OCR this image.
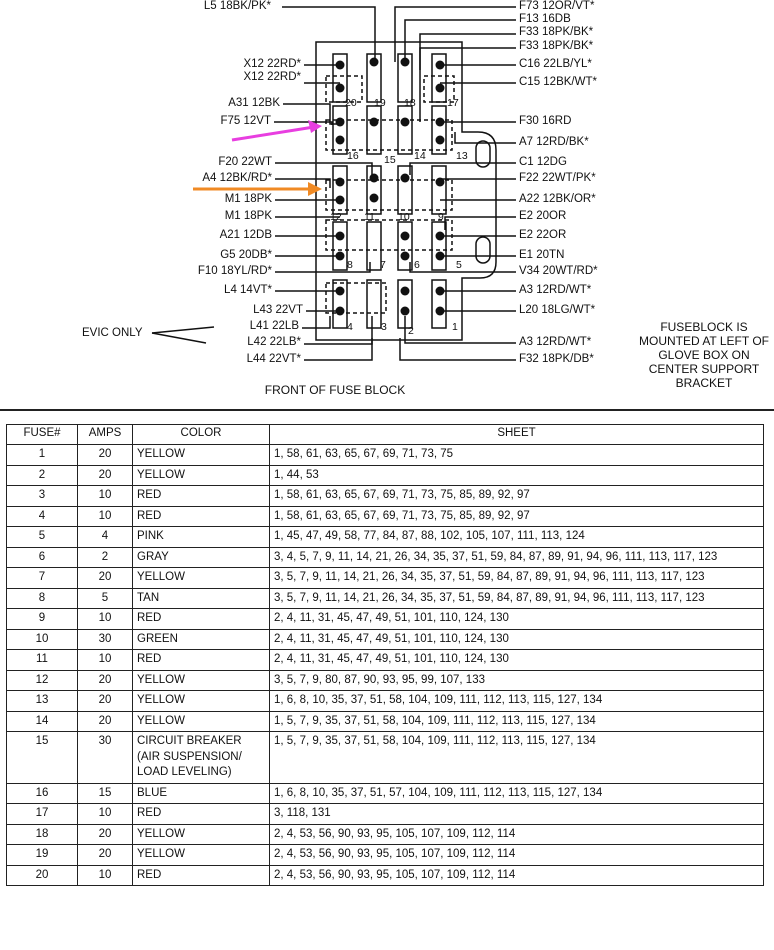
L5 18BK/PK*
X12 22RD*
X12 22RD*
A31 12BK
F75 12VT
F20 22WT
A4 12BK/RD*
M1 18PK
M1 18PK
A21 12DB
G5 20DB*
F10 18YL/RD*
L4 14VT*
L43 22VT
L41 22LB
L42 22LB*
L44 22VT*
F73 12OR/VT*
F13 16DB
F33 18PK/BK*
F33 18PK/BK*
C16 22LB/YL*
C15 12BK/WT*
F30 16RD
A7 12RD/BK*
C1 12DG
F22 22WT/PK*
A22 12BK/OR*
E2 20OR
E2 22OR
E1 20TN
V34 20WT/RD*
A3 12RD/WT*
L20 18LG/WT*
A3 12RD/WT*
F32 18PK/DB*
20 19 18	17
16 15 14	13
12 11 10	9
8	7	6	5
4	3 2	1
EVIC ONLY	FUSEBLOCK IS MOUNTED AT LEFT OF GLOVE BOX ON CENTER SUPPORT BRACKET
FRONT OF FUSE BLOCK
FUSE#	AMPS	COLOR	SHEET
1	20	YELLOW	1, 58, 61, 63, 65, 67, 69, 71, 73, 75
2	20	YELLOW	1, 44, 53
3	10	RED	1, 58, 61, 63, 65, 67, 69, 71, 73, 75, 85, 89, 92, 97
4	10	RED	1, 58, 61, 63, 65, 67, 69, 71, 73, 75, 85, 89, 92, 97
5	4	PINK	1, 45, 47, 49, 58, 77, 84, 87, 88, 102, 105, 107, 111, 113, 124
6	2	GRAY	3, 4, 5, 7, 9, 11, 14, 21, 26, 34, 35, 37, 51, 59, 84, 87, 89, 91, 94, 96, 111, 113, 117, 123
7	20	YELLOW	3, 5, 7, 9, 11, 14, 21, 26, 34, 35, 37, 51, 59, 84, 87, 89, 91, 94, 96, 111, 113, 117, 123
8	5	TAN	3, 5, 7, 9, 11, 14, 21, 26, 34, 35, 37, 51, 59, 84, 87, 89, 91, 94, 96, 111, 113, 117, 123
9	10	RED	2, 4, 11, 31, 45, 47, 49, 51, 101, 110, 124, 130
10	30	GREEN	2, 4, 11, 31, 45, 47, 49, 51, 101, 110, 124, 130
11	10	RED	2, 4, 11, 31, 45, 47, 49, 51, 101, 110, 124, 130
12	20	YELLOW	3, 5, 7, 9, 80, 87, 90, 93, 95, 99, 107, 133
13	20	YELLOW	1, 6, 8, 10, 35, 37, 51, 58, 104, 109, 111, 112, 113, 115, 127, 134
14	20	YELLOW	1, 5, 7, 9, 35, 37, 51, 58, 104, 109, 111, 112, 113, 115, 127, 134
15	30	CIRCUIT BREAKER (AIR SUSPENSION/ LOAD LEVELING)	1, 5, 7, 9, 35, 37, 51, 58, 104, 109, 111, 112, 113, 115, 127, 134
16	15	BLUE	1, 6, 8, 10, 35, 37, 51, 57, 104, 109, 111, 112, 113, 115, 127, 134
17	10	RED	3, 118, 131
18	20	YELLOW	2, 4, 53, 56, 90, 93, 95, 105, 107, 109, 112, 114
19	20	YELLOW	2, 4, 53, 56, 90, 93, 95, 105, 107, 109, 112, 114
20	10	RED	2, 4, 53, 56, 90, 93, 95, 105, 107, 109, 112, 114
